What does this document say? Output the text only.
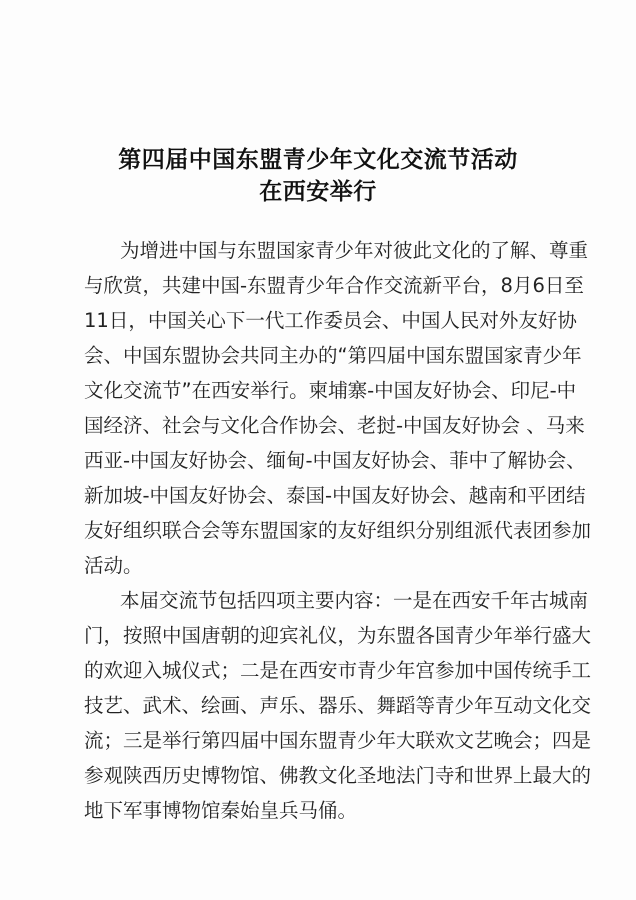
第四届中国东盟青少年文化交流节活动
在西安举行
为增进中国与东盟国家青少年对彼此文化的了解、尊重
与欣赏，共建中国-东盟青少年合作交流新平台，8月6日至
11日，中国关心下一代工作委员会、中国人民对外友好协
会、中国东盟协会共同主办的“第四届中国东盟国家青少年
文化交流节”在西安举行。柬埔寨-中国友好协会、印尼-中
国经济、社会与文化合作协会、老挝-中国友好协会 、马来
西亚-中国友好协会、缅甸-中国友好协会、菲中了解协会、
新加坡-中国友好协会、泰国-中国友好协会、越南和平团结
友好组织联合会等东盟国家的友好组织分别组派代表团参加
活动。
本届交流节包括四项主要内容：一是在西安千年古城南
门，按照中国唐朝的迎宾礼仪，为东盟各国青少年举行盛大
的欢迎入城仪式；二是在西安市青少年宫参加中国传统手工
技艺、武术、绘画、声乐、器乐、舞蹈等青少年互动文化交
流；三是举行第四届中国东盟青少年大联欢文艺晚会；四是
参观陕西历史博物馆、佛教文化圣地法门寺和世界上最大的
地下军事博物馆秦始皇兵马俑。
